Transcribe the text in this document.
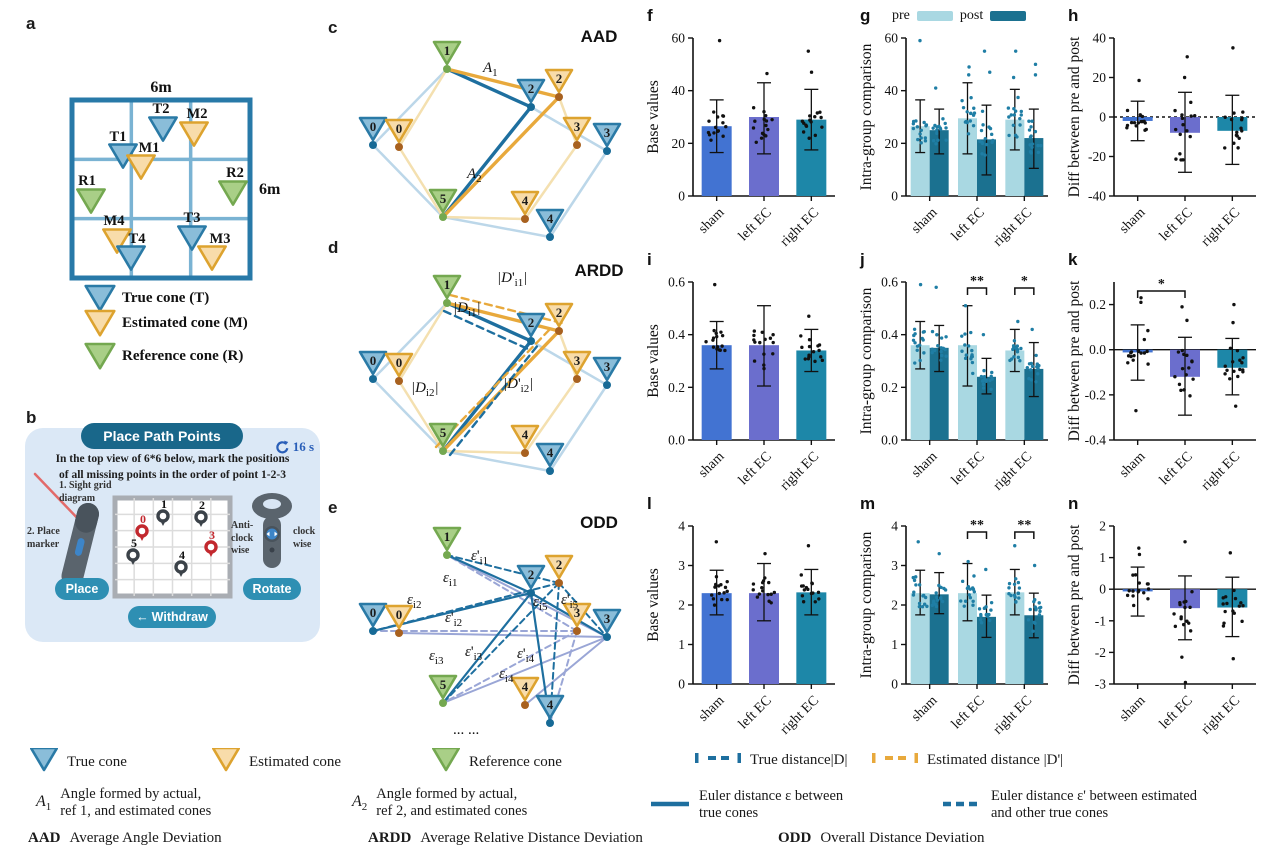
a
6m
6m
T2 M2
T1
M1
R1	R2
M4
T4
T3
M3
True cone (T)
Estimated cone (M)
Reference cone (R)
b
Place Path Points
16 s
In the top view of 6*6 below, mark the positions
of all missing points in the order of point 1-2-3
1	2
0
5
3
4
1. Sight grid
diagram
2. Place
marker
Anti-
clock
wise
clock
wise
Place	Rotate
← Withdraw
c
1
2
2
0 0	3 3
5	4
4
AAD
$A_1$
$A_2$
d
1
2
2
0 0	3 3
5	4
4
ARDD
$|D'_{i1}|$
$|D_{i1}|$
$|D_{i2}|$	$|D'_{i2}|$
e
1
2
2
0 0	3 3
5	4
4
ODD
$\varepsilon'_{i1}$
$\varepsilon_{i1}$
$\varepsilon_{i2}$
$\varepsilon'_{i2}$
$\varepsilon_{i5}$ $\varepsilon'_{i5}$
$\varepsilon_{i3}$
$\varepsilon'_{i3}$ $\varepsilon'_{i4}$
$\varepsilon_{i4}$
... ...
f
0
20
40
60
sham left EC right EC
Base values
g pre	post
0
20
40
60
sham left EC right EC
Intra-group comparison
h
-40
-20
0
20
40
sham left EC right EC
Diff between pre and post
i
0.0
0.2
0.4
0.6
sham left EC right EC
Base values
j
0.0
0.2
0.4
0.6
sham left EC right EC
**	*
Intra-group comparison
k
-0.4
-0.2
0.0
0.2
sham left EC right EC
*
Diff between pre and post
l
0
1
2
3
4
sham left EC right EC
Base values
m
0
1
2
3
4
sham left EC right EC
** **
Intra-group comparison
n
-3
-2
-1
0
1
2
sham left EC right EC
Diff between pre and post
True cone	Estimated cone	Reference cone	True distance|D|	Estimated distance |D'|
$A_1$
Angle formed by actual,
ref 1, and estimated cones
$A_2$
Angle formed by actual,
ref 2, and estimated cones
Euler distance ε between
true cones
Euler distance ε' between estimated
and other true cones
AAD Average Angle Deviation	ARDD Average Relative Distance Deviation	ODD Overall Distance Deviation
